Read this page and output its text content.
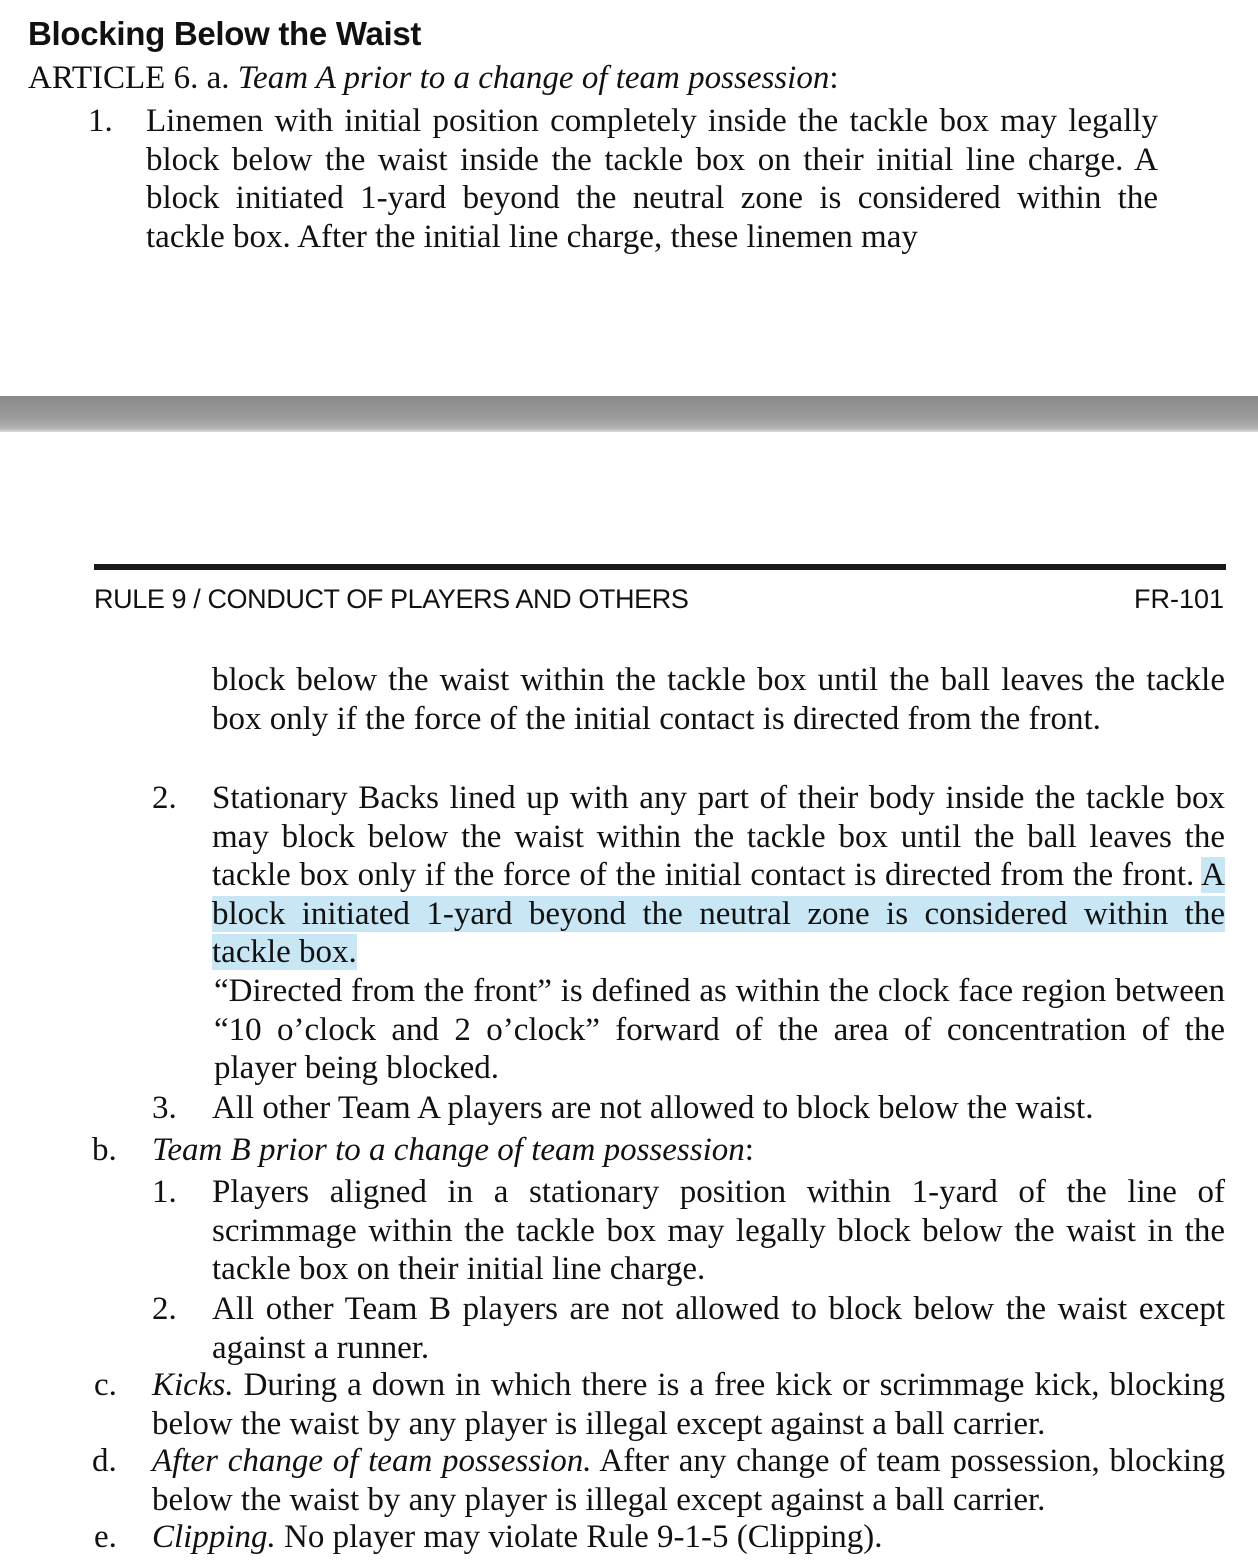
Blocking Below the Waist
ARTICLE 6. a. Team A prior to a change of team possession:
1. Linemen with initial position completely inside the tackle box may legally block below the waist inside the tackle box on their initial line charge. A block initiated 1-yard beyond the neutral zone is considered within the tackle box. After the initial line charge, these linemen may

RULE 9 / CONDUCT OF PLAYERS AND OTHERS	FR-101

block below the waist within the tackle box until the ball leaves the tackle box only if the force of the initial contact is directed from the front.

2. Stationary Backs lined up with any part of their body inside the tackle box may block below the waist within the tackle box until the ball leaves the tackle box only if the force of the initial contact is directed from the front. A block initiated 1-yard beyond the neutral zone is considered within the tackle box.

“Directed from the front” is defined as within the clock face region between “10 o’clock and 2 o’clock” forward of the area of concentration of the player being blocked.

3. All other Team A players are not allowed to block below the waist.

b. Team B prior to a change of team possession:

1. Players aligned in a stationary position within 1-yard of the line of scrimmage within the tackle box may legally block below the waist in the tackle box on their initial line charge.

2. All other Team B players are not allowed to block below the waist except against a runner.

c. Kicks. During a down in which there is a free kick or scrimmage kick, blocking below the waist by any player is illegal except against a ball carrier.

d. After change of team possession. After any change of team possession, blocking below the waist by any player is illegal except against a ball carrier.

e. Clipping. No player may violate Rule 9-1-5 (Clipping).
